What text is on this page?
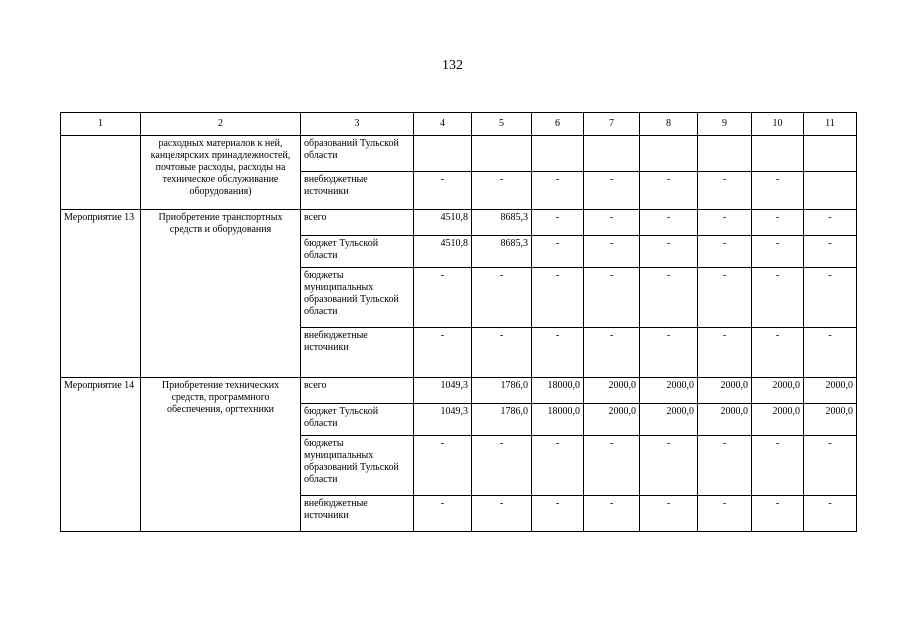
132
1	2	3	4	5	6	7	8	9	10	11
	расходных материалов к ней, канцелярских принадлежностей, почтовые расходы, расходы на техническое обслуживание оборудования)	образований Тульской области								
		внебюджетные источники	-	-	-	-	-	-	-	
Мероприятие 13	Приобретение транспортных средств и оборудования	всего	4510,8	8685,3	-	-	-	-	-	-
		бюджет Тульской области	4510,8	8685,3	-	-	-	-	-	-
		бюджеты муниципальных образований Тульской области	-	-	-	-	-	-	-	-
		внебюджетные источники	-	-	-	-	-	-	-	-
Мероприятие 14	Приобретение технических средств, программного обеспечения, оргтехники	всего	1049,3	1786,0	18000,0	2000,0	2000,0	2000,0	2000,0	2000,0
		бюджет Тульской области	1049,3	1786,0	18000,0	2000,0	2000,0	2000,0	2000,0	2000,0
		бюджеты муниципальных образований Тульской области	-	-	-	-	-	-	-	-
		внебюджетные источники	-	-	-	-	-	-	-	-
